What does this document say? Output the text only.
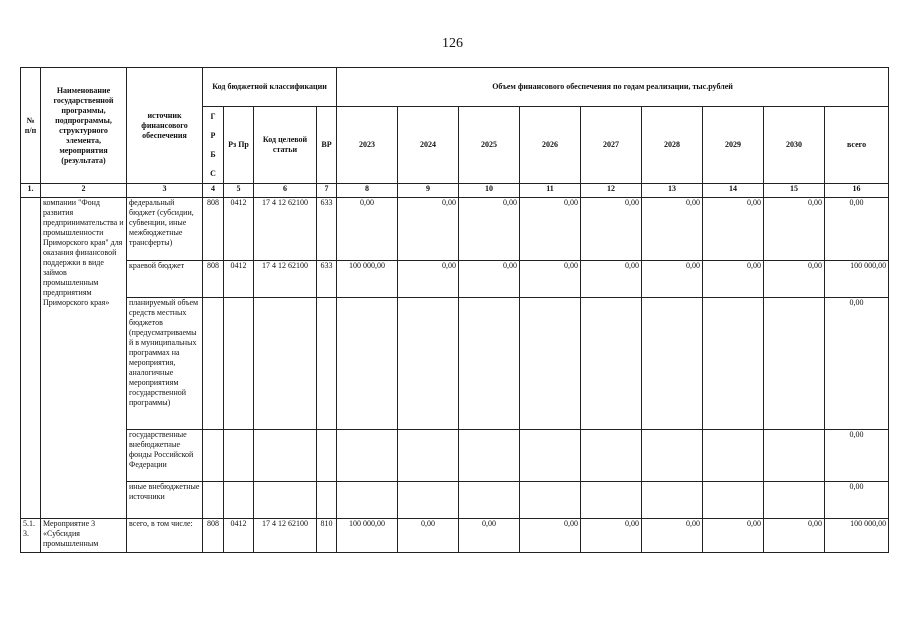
126
№ п/п	Наименование государственной программы, подпрограммы, структурного элемента, мероприятия (результата)	источник финансового обеспечения	Код бюджетной классификации				Объем финансового обеспечения по годам реализации, тыс.рублей								
			Г
Р
Б
С	Рз Пр	Код целевой статьи	ВР	2023	2024	2025	2026	2027	2028	2029	2030	всего
1.	2	3	4	5	6	7	8	9	10	11	12	13	14	15	16
	компании "Фонд развития предпринимательства и промышленности Приморского края" для оказания финансовой поддержки в виде займов промышленным предприятиям Приморского края»	федеральный бюджет (субсидии, субвенции, иные межбюджетные трансферты)	808	0412	17 4 12 62100	633	0,00	0,00	0,00	0,00	0,00	0,00	0,00	0,00	0,00
		краевой бюджет	808	0412	17 4 12 62100	633	100 000,00	0,00	0,00	0,00	0,00	0,00	0,00	0,00	100 000,00
		планируемый объем средств местных бюджетов (предусматриваемый в муниципальных программах на мероприятия, аналогичные мероприятиям государственной программы)													0,00
		государственные внебюджетные фонды Российской Федерации													0,00
		иные внебюджетные источники													0,00
5.1.3.	Мероприятие 3 «Субсидия промышленным	всего, в том числе:	808	0412	17 4 12 62100	810	100 000,00	0,00	0,00	0,00	0,00	0,00	0,00	0,00	100 000,00
